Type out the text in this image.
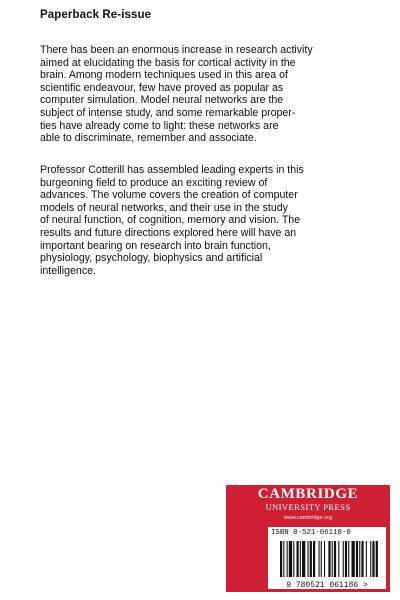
Paperback Re-issue

There has been an enormous increase in research activity
aimed at elucidating the basis for cortical activity in the
brain. Among modern techniques used in this area of
scientific endeavour, few have proved as popular as
computer simulation. Model neural networks are the
subject of intense study, and some remarkable proper-
ties have already come to light: these networks are
able to discriminate, remember and associate.

Professor Cotterill has assembled leading experts in this
burgeoning field to produce an exciting review of
advances. The volume covers the creation of computer
models of neural networks, and their use in the study
of neural function, of cognition, memory and vision. The
results and future directions explored here will have an
important bearing on research into brain function,
physiology, psychology, biophysics and artificial
intelligence.

CAMBRIDGE
UNIVERSITY PRESS
www.cambridge.org
ISBN 0-521-06118-0
9 780521 061186 >
